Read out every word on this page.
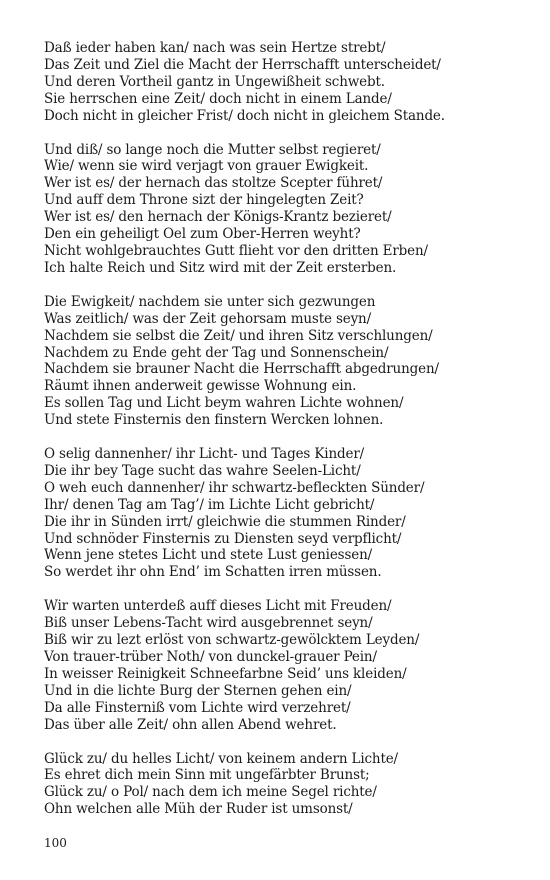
Daß ieder haben kan/ nach was sein Hertze strebt/
Das Zeit und Ziel die Macht der Herrschafft unterscheidet/
Und deren Vortheil gantz in Ungewißheit schwebt.
Sie herrschen eine Zeit/ doch nicht in einem Lande/
Doch nicht in gleicher Frist/ doch nicht in gleichem Stande.
Und diß/ so lange noch die Mutter selbst regieret/
Wie/ wenn sie wird verjagt von grauer Ewigkeit.
Wer ist es/ der hernach das stoltze Scepter führet/
Und auff dem Throne sizt der hingelegten Zeit?
Wer ist es/ den hernach der Königs-Krantz bezieret/
Den ein geheiligt Oel zum Ober-Herren weyht?
Nicht wohlgebrauchtes Gutt flieht vor den dritten Erben/
Ich halte Reich und Sitz wird mit der Zeit ersterben.
Die Ewigkeit/ nachdem sie unter sich gezwungen
Was zeitlich/ was der Zeit gehorsam muste seyn/
Nachdem sie selbst die Zeit/ und ihren Sitz verschlungen/
Nachdem zu Ende geht der Tag und Sonnenschein/
Nachdem sie brauner Nacht die Herrschafft abgedrungen/
Räumt ihnen anderweit gewisse Wohnung ein.
Es sollen Tag und Licht beym wahren Lichte wohnen/
Und stete Finsternis den finstern Wercken lohnen.
O selig dannenher/ ihr Licht- und Tages Kinder/
Die ihr bey Tage sucht das wahre Seelen-Licht/
O weh euch dannenher/ ihr schwartz-befleckten Sünder/
Ihr/ denen Tag am Tag’/ im Lichte Licht gebricht/
Die ihr in Sünden irrt/ gleichwie die stummen Rinder/
Und schnöder Finsternis zu Diensten seyd verpflicht/
Wenn jene stetes Licht und stete Lust geniessen/
So werdet ihr ohn End’ im Schatten irren müssen.
Wir warten unterdeß auff dieses Licht mit Freuden/
Biß unser Lebens-Tacht wird ausgebrennet seyn/
Biß wir zu lezt erlöst von schwartz-gewölcktem Leyden/
Von trauer-trüber Noth/ von dunckel-grauer Pein/
In weisser Reinigkeit Schneefarbne Seid’ uns kleiden/
Und in die lichte Burg der Sternen gehen ein/
Da alle Finsterniß vom Lichte wird verzehret/
Das über alle Zeit/ ohn allen Abend wehret.
Glück zu/ du helles Licht/ von keinem andern Lichte/
Es ehret dich mein Sinn mit ungefärbter Brunst;
Glück zu/ o Pol/ nach dem ich meine Segel richte/
Ohn welchen alle Müh der Ruder ist umsonst/
100
